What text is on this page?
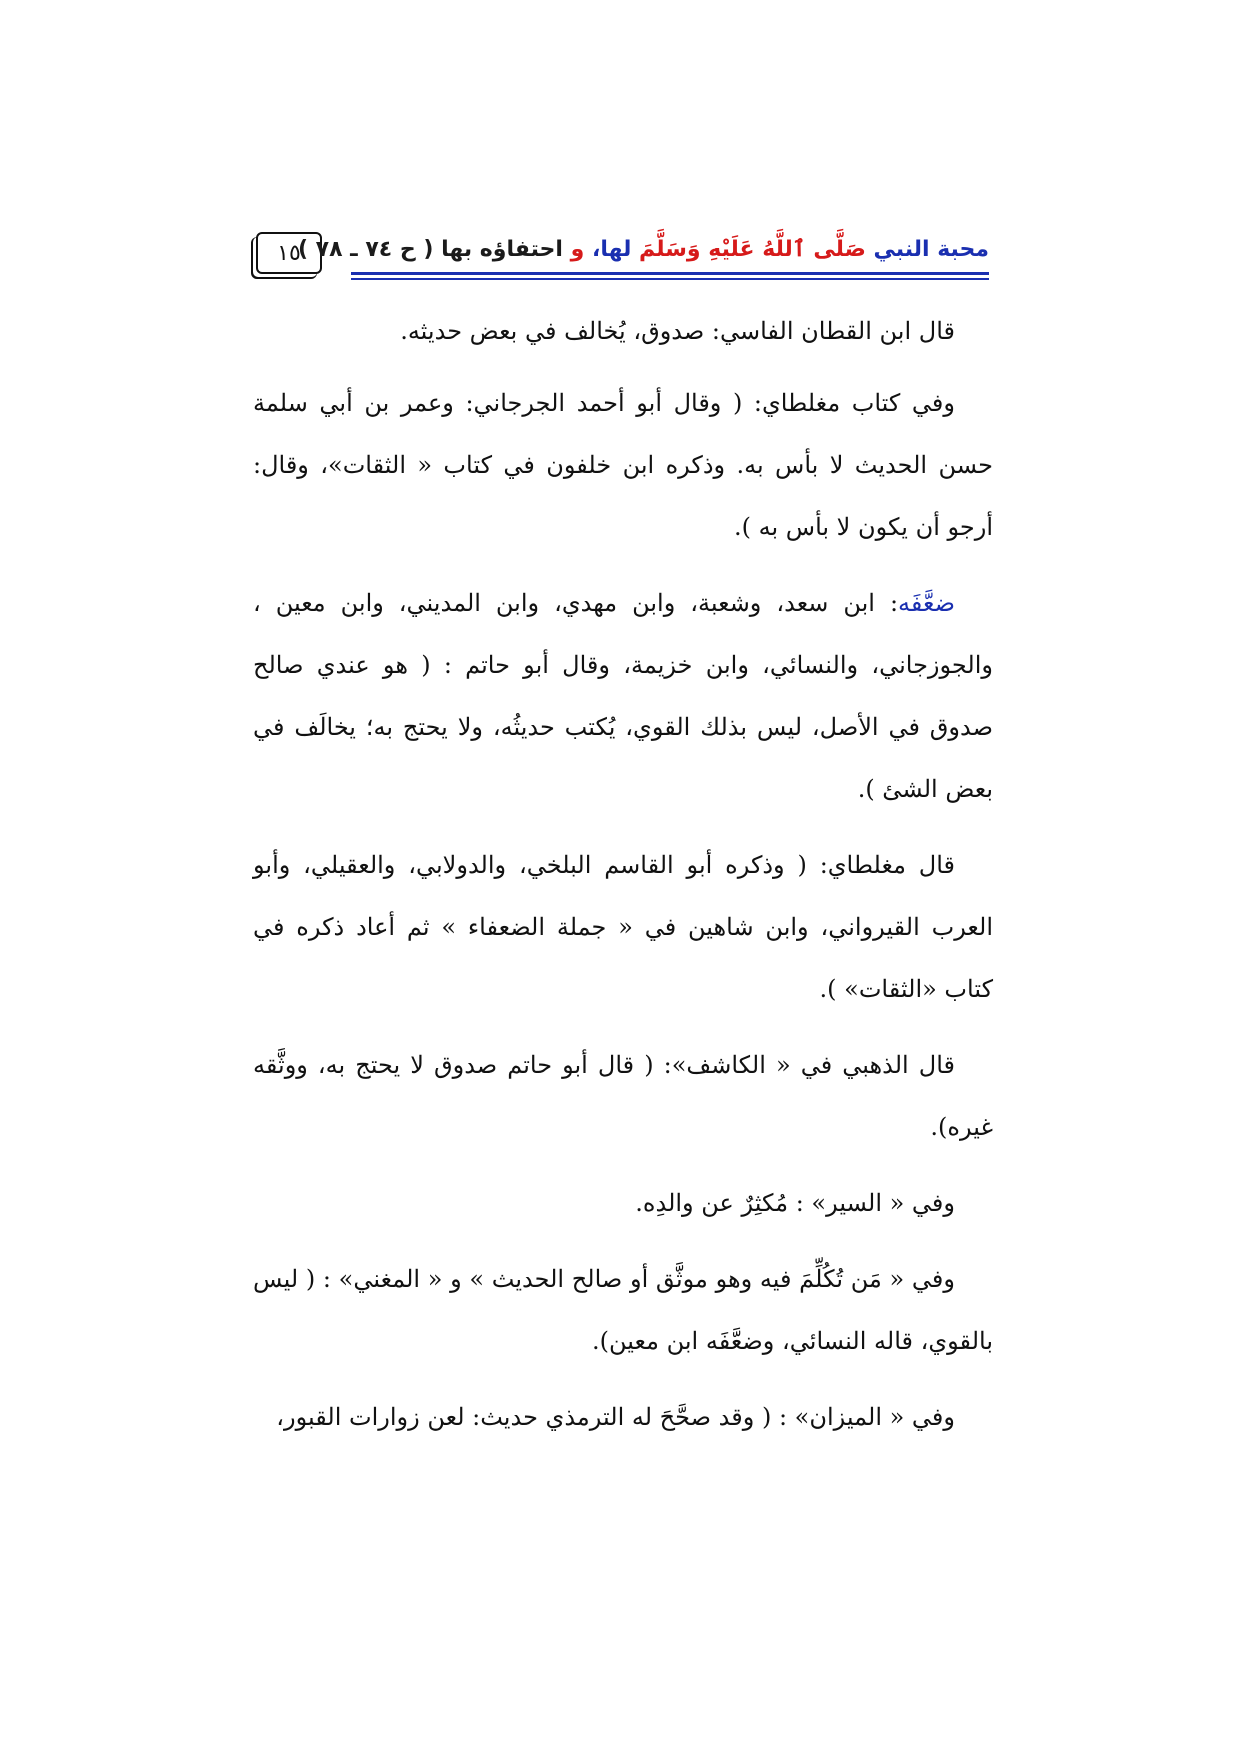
١٥	محبة النبي صَلَّى ٱللَّهُ عَلَيْهِ وَسَلَّمَ لها، و احتفاؤه بها ( ح ٧٤ ـ ٧٨ )

قال ابن القطان الفاسي: صدوق، يُخالف في بعض حديثه.

وفي كتاب مغلطاي: ( وقال أبو أحمد الجرجاني: وعمر بن أبي سلمة حسن الحديث لا بأس به. وذكره ابن خلفون في كتاب « الثقات»، وقال: أرجو أن يكون لا بأس به ).

ضعَّفَه: ابن سعد، وشعبة، وابن مهدي، وابن المديني، وابن معين ، والجوزجاني، والنسائي، وابن خزيمة، وقال أبو حاتم : ( هو عندي صالح صدوق في الأصل، ليس بذلك القوي، يُكتب حديثُه، ولا يحتج به؛ يخالَف في بعض الشئ ).

قال مغلطاي: ( وذكره أبو القاسم البلخي، والدولابي، والعقيلي، وأبو العرب القيرواني، وابن شاهين في « جملة الضعفاء » ثم أعاد ذكره في كتاب «الثقات» ).

قال الذهبي في « الكاشف»: ( قال أبو حاتم صدوق لا يحتج به، ووثَّقه غيره).

وفي « السير» : مُكثِرٌ عن والدِه.

وفي « مَن تُكُلِّمَ فيه وهو موثَّق أو صالح الحديث » و « المغني» : ( ليس بالقوي، قاله النسائي، وضعَّفَه ابن معين).

وفي « الميزان» : ( وقد صحَّحَ له الترمذي حديث: لعن زوارات القبور،
